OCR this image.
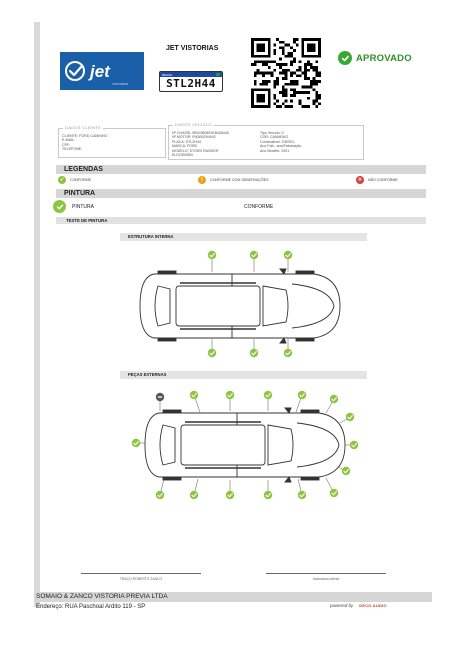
jet
VISTORIAS
JET VISTORIAS
BRASIL
STL2H44
APROVADO
DADOS CLIENTE
CLIENTE: FORD CAMINHO
E-MAIL:
CPF:
TELEFONE:
DADOS VEÍCULO
Nº CHASSI: 9BGKB0891KB438440
Nº MOTOR: FM3B0294942
PLACA: STL2H44
MARCA: FORD
MODELO: STORD RANGER
ELDGEN554
Tipo Veículo: 0
COR: CAMARAO
Combustível: DIESEL
Ano Fab.: ano/Fabricação
Ano Modelo: 2001
LEGENDAS
✓	CONFORME	!	CONFORME COM OBSERVAÇÕES	✕	NÃO CONFORME
PINTURA
PINTURA	CONFORME
TESTE DE PINTURA
ESTRUTURA INTERNA
PEÇAS EXTERNAS
TRAÇO ROBERTO ZANCO	Assinatura cliente
SOMAIO & ZANCO VISTORIA PREVIA LTDA
Endereço: RUA Paschoal Ardito 119 - SP	powered by DECO AUDIO
